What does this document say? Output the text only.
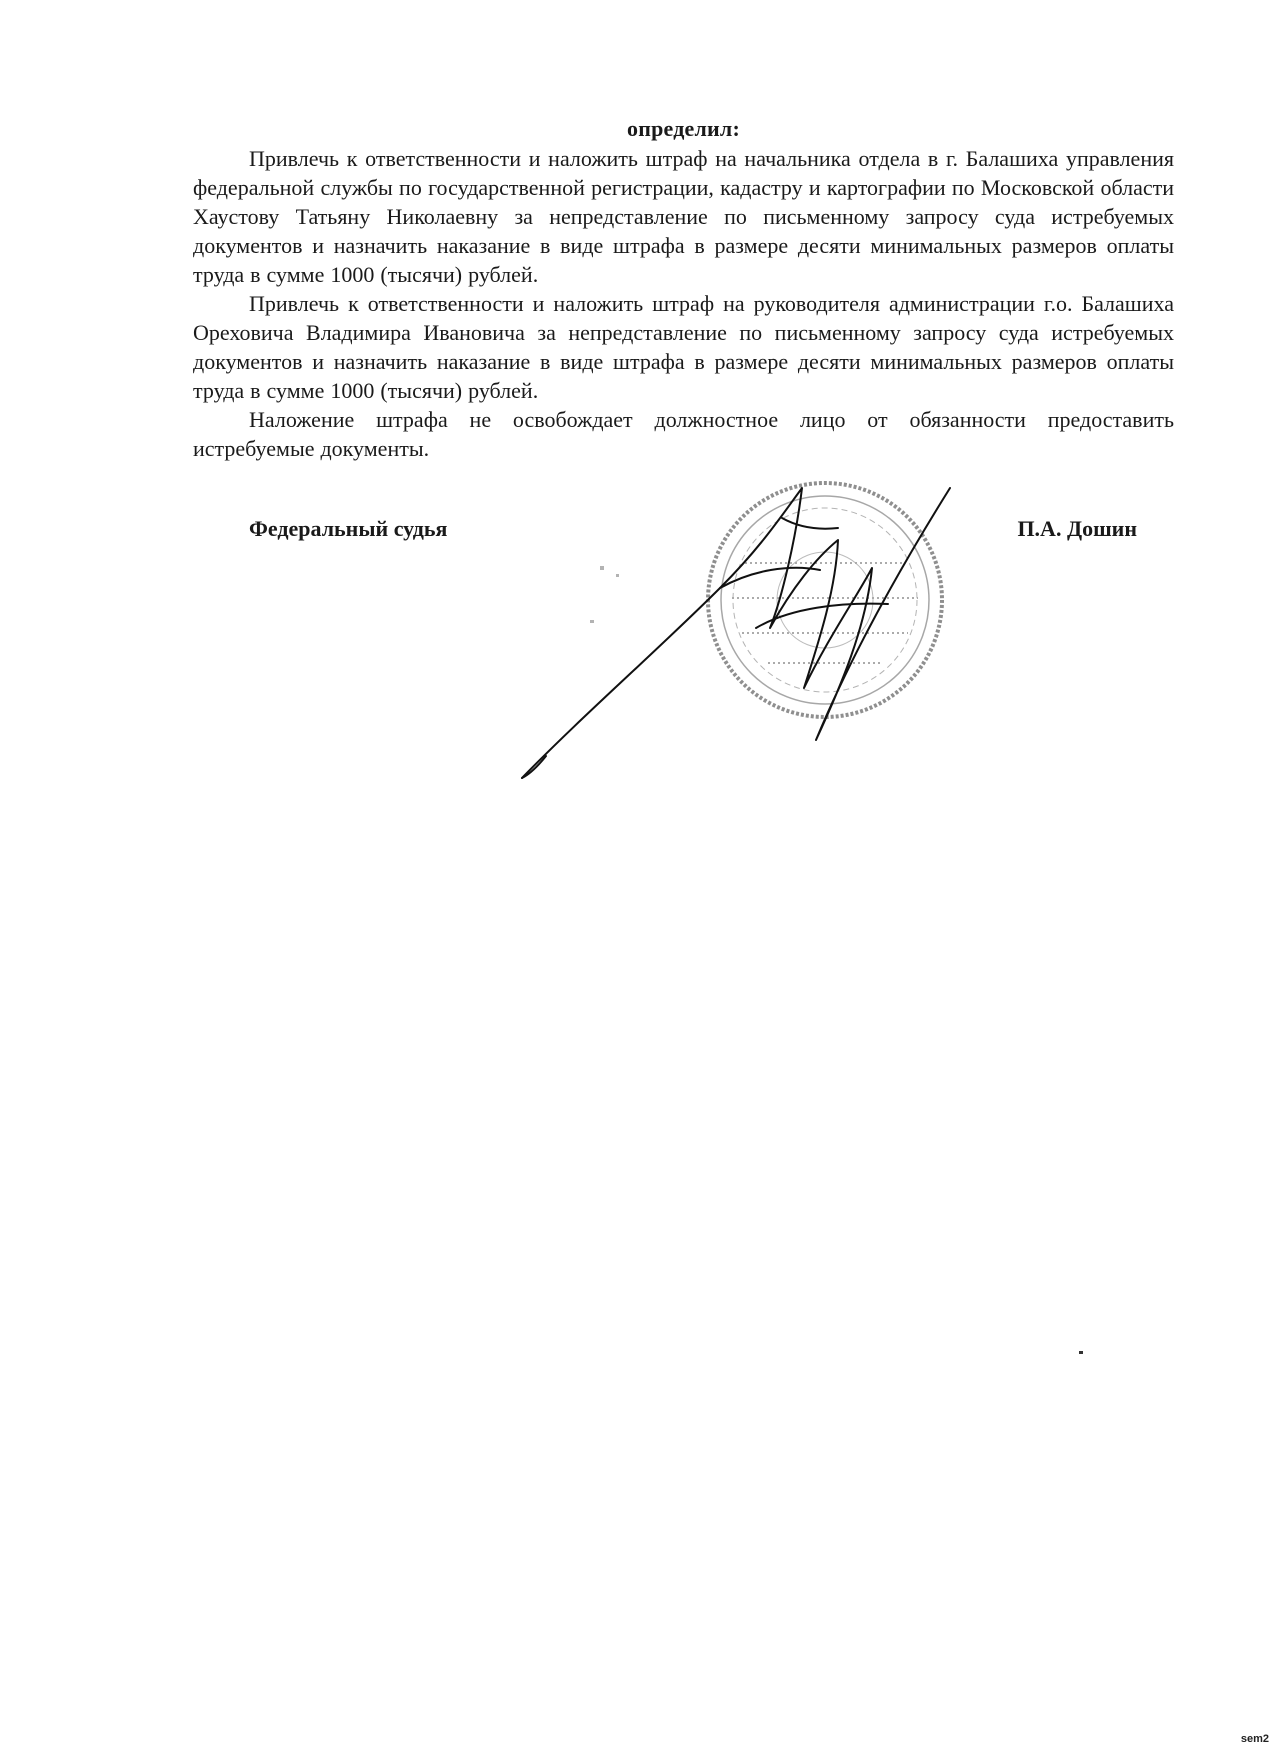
определил:

Привлечь к ответственности и наложить штраф на начальника отдела в г. Балашиха управления федеральной службы по государственной регистрации, кадастру и картографии по Московской области Хаустову Татьяну Николаевну за непредставление по письменному запросу суда истребуемых документов и назначить наказание в виде штрафа в размере десяти минимальных размеров оплаты труда в сумме 1000 (тысячи) рублей.

Привлечь к ответственности и наложить штраф на руководителя администрации г.о. Балашиха Ореховича Владимира Ивановича за непредставление по письменному запросу суда истребуемых документов и назначить наказание в виде штрафа в размере десяти минимальных размеров оплаты труда в сумме 1000 (тысячи) рублей.

Наложение штрафа не освобождает должностное лицо от обязанности предоставить истребуемые документы.

Федеральный судья	П.А. Дошин
sem2
